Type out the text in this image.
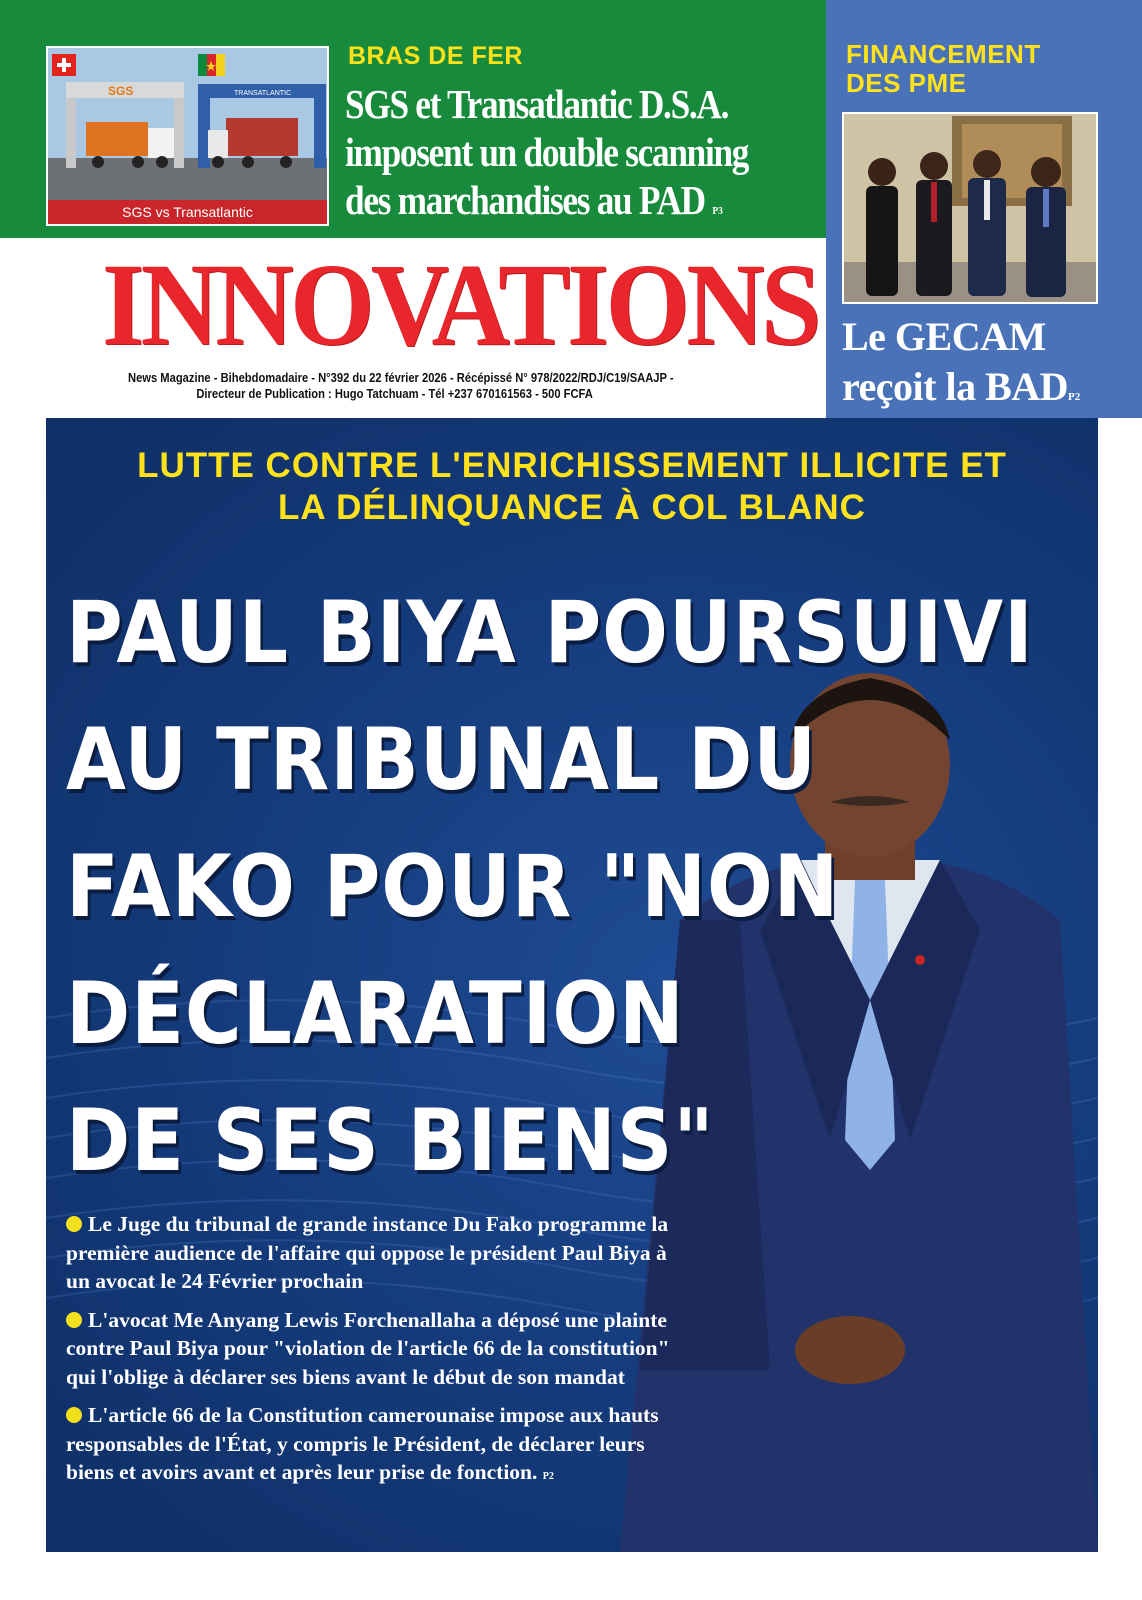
SGS	TRANSATLANTIC
SGS vs Transatlantic
BRAS DE FER
SGS et Transatlantic D.S.A.
imposent un double scanning
des marchandises au PAD P3
FINANCEMENT
DES PME
Le GECAM
reçoit la BADP2
INNOVATIONS
News Magazine - Bihebdomadaire - N°392 du 22 février 2026 - Récépissé N° 978/2022/RDJ/C19/SAAJP -
Directeur de Publication : Hugo Tatchuam - Tél +237 670161563 - 500 FCFA
LUTTE CONTRE L'ENRICHISSEMENT ILLICITE ET
LA DÉLINQUANCE À COL BLANC
PAUL BIYA POURSUIVI
AU TRIBUNAL DU
FAKO POUR "NON
DÉCLARATION
DE SES BIENS"
Le Juge du tribunal de grande instance Du Fako programme la première audience de l'affaire qui oppose le président Paul Biya à un avocat le 24 Février prochain
L'avocat Me Anyang Lewis Forchenallaha a déposé une plainte contre Paul Biya pour "violation de l'article 66 de la constitution" qui l'oblige à déclarer ses biens avant le début de son mandat
L'article 66 de la Constitution camerounaise impose aux hauts responsables de l'État, y compris le Président, de déclarer leurs biens et avoirs avant et après leur prise de fonction. P2
